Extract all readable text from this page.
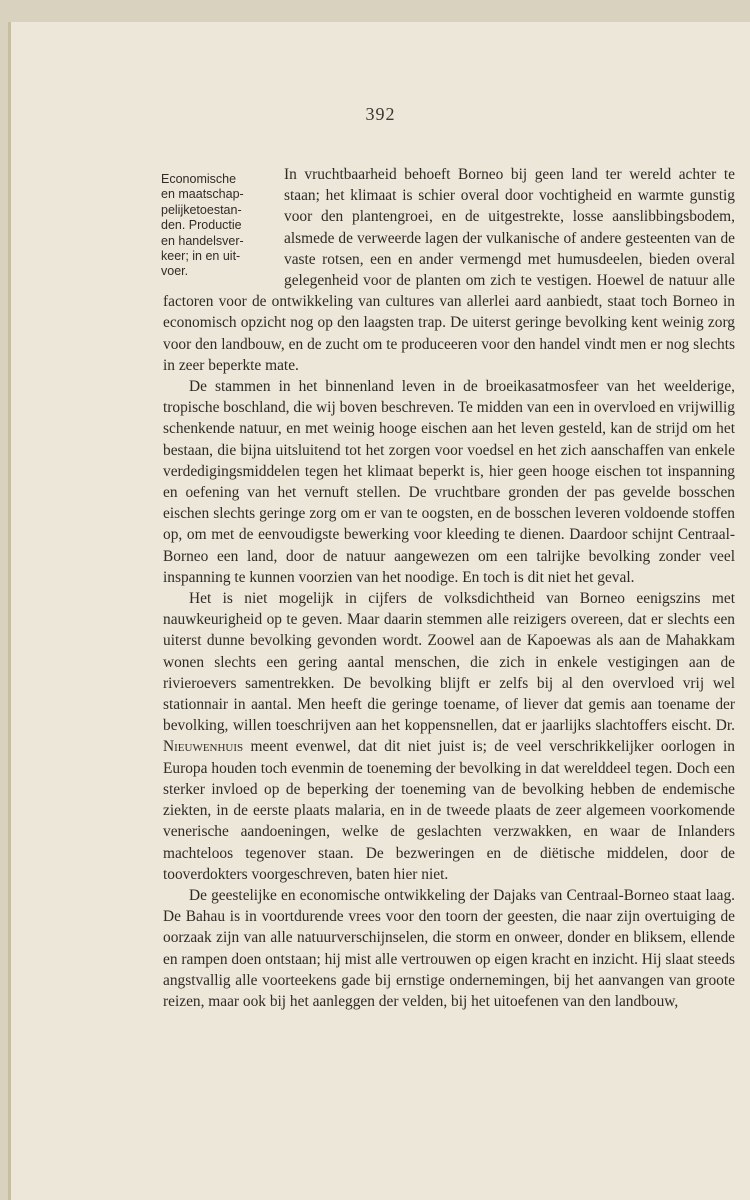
392
Economische
en maatschap-
pelijketoestan-
den. Productie
en handelsver-
keer; in en uit-
voer.

In vruchtbaarheid behoeft Borneo bij geen land ter wereld achter te staan; het klimaat is schier overal door vochtigheid en warmte gunstig voor den plantengroei, en de uitgestrekte, losse aanslibbingsbodem, alsmede de verweerde lagen der vulkanische of andere gesteenten van de vaste rotsen, een en ander vermengd met humusdeelen, bieden overal gelegenheid voor de planten om zich te vestigen. Hoewel de natuur alle factoren voor de ontwikkeling van cultures van allerlei aard aanbiedt, staat toch Borneo in economisch opzicht nog op den laagsten trap. De uiterst geringe bevolking kent weinig zorg voor den landbouw, en de zucht om te produceeren voor den handel vindt men er nog slechts in zeer beperkte mate.

De stammen in het binnenland leven in de broeikasatmosfeer van het weelderige, tropische boschland, die wij boven beschreven. Te midden van een in overvloed en vrijwillig schenkende natuur, en met weinig hooge eischen aan het leven gesteld, kan de strijd om het bestaan, die bijna uitsluitend tot het zorgen voor voedsel en het zich aanschaffen van enkele verdedigingsmiddelen tegen het klimaat beperkt is, hier geen hooge eischen tot inspanning en oefening van het vernuft stellen. De vruchtbare gronden der pas gevelde bosschen eischen slechts geringe zorg om er van te oogsten, en de bosschen leveren voldoende stoffen op, om met de eenvoudigste bewerking voor kleeding te dienen. Daardoor schijnt Centraal-Borneo een land, door de natuur aangewezen om een talrijke bevolking zonder veel inspanning te kunnen voorzien van het noodige. En toch is dit niet het geval.

Het is niet mogelijk in cijfers de volksdichtheid van Borneo eenigszins met nauwkeurigheid op te geven. Maar daarin stemmen alle reizigers overeen, dat er slechts een uiterst dunne bevolking gevonden wordt. Zoowel aan de Kapoewas als aan de Mahakkam wonen slechts een gering aantal menschen, die zich in enkele vestigingen aan de rivieroevers samentrekken. De bevolking blijft er zelfs bij al den overvloed vrij wel stationnair in aantal. Men heeft die geringe toename, of liever dat gemis aan toename der bevolking, willen toeschrijven aan het koppensnellen, dat er jaarlijks slachtoffers eischt. Dr. Nieuwenhuis meent evenwel, dat dit niet juist is; de veel verschrikkelijker oorlogen in Europa houden toch evenmin de toeneming der bevolking in dat werelddeel tegen. Doch een sterker invloed op de beperking der toeneming van de bevolking hebben de endemische ziekten, in de eerste plaats malaria, en in de tweede plaats de zeer algemeen voorkomende venerische aandoeningen, welke de geslachten verzwakken, en waar de Inlanders machteloos tegenover staan. De bezweringen en de diëtische middelen, door de tooverdokters voorgeschreven, baten hier niet.

De geestelijke en economische ontwikkeling der Dajaks van Centraal-Borneo staat laag. De Bahau is in voortdurende vrees voor den toorn der geesten, die naar zijn overtuiging de oorzaak zijn van alle natuurverschijnselen, die storm en onweer, donder en bliksem, ellende en rampen doen ontstaan; hij mist alle vertrouwen op eigen kracht en inzicht. Hij slaat steeds angstvallig alle voorteekens gade bij ernstige ondernemingen, bij het aanvangen van groote reizen, maar ook bij het aanleggen der velden, bij het uitoefenen van den landbouw,
